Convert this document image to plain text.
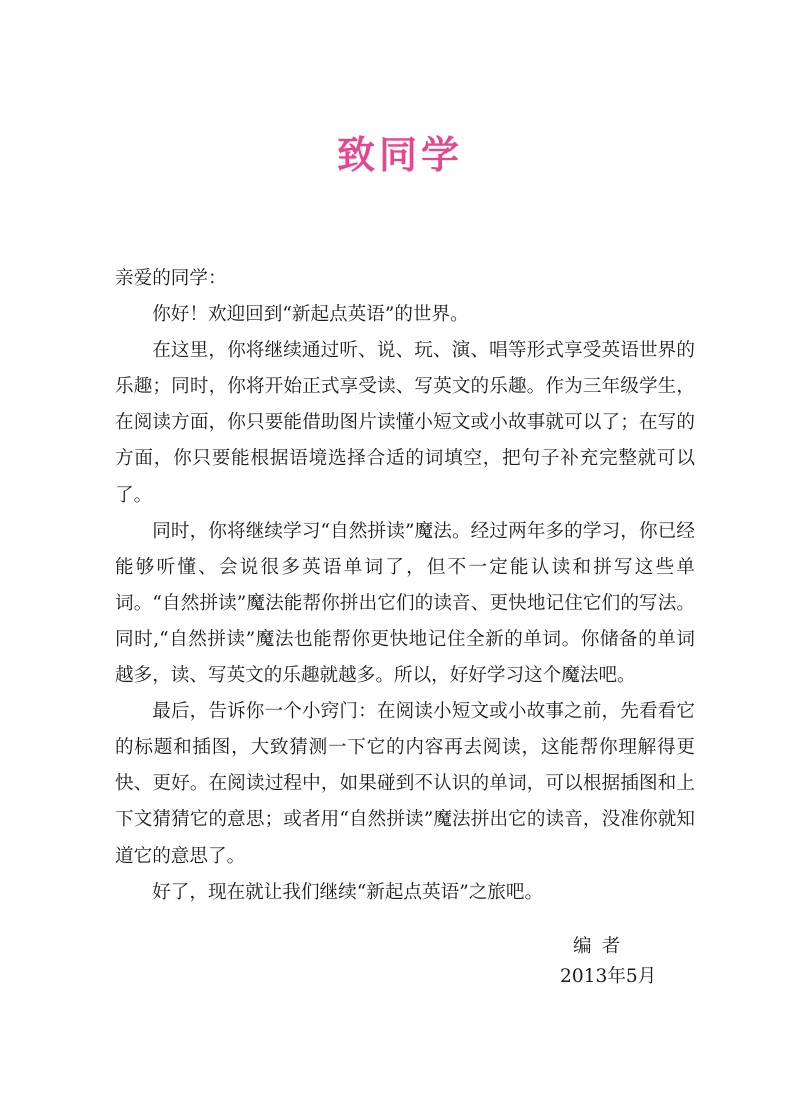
致同学

亲爱的同学：

你好！欢迎回到“新起点英语”的世界。

在这里，你将继续通过听、说、玩、演、唱等形式享受英语世界的乐趣；同时，你将开始正式享受读、写英文的乐趣。作为三年级学生，在阅读方面，你只要能借助图片读懂小短文或小故事就可以了；在写的方面，你只要能根据语境选择合适的词填空，把句子补充完整就可以了。

同时，你将继续学习“自然拼读”魔法。经过两年多的学习，你已经能够听懂、会说很多英语单词了，但不一定能认读和拼写这些单词。“自然拼读”魔法能帮你拼出它们的读音、更快地记住它们的写法。同时,“自然拼读”魔法也能帮你更快地记住全新的单词。你储备的单词越多，读、写英文的乐趣就越多。所以，好好学习这个魔法吧。

最后，告诉你一个小窍门：在阅读小短文或小故事之前，先看看它的标题和插图，大致猜测一下它的内容再去阅读，这能帮你理解得更快、更好。在阅读过程中，如果碰到不认识的单词，可以根据插图和上下文猜猜它的意思；或者用“自然拼读”魔法拼出它的读音，没准你就知道它的意思了。

好了，现在就让我们继续“新起点英语”之旅吧。

编者
2013年5月
